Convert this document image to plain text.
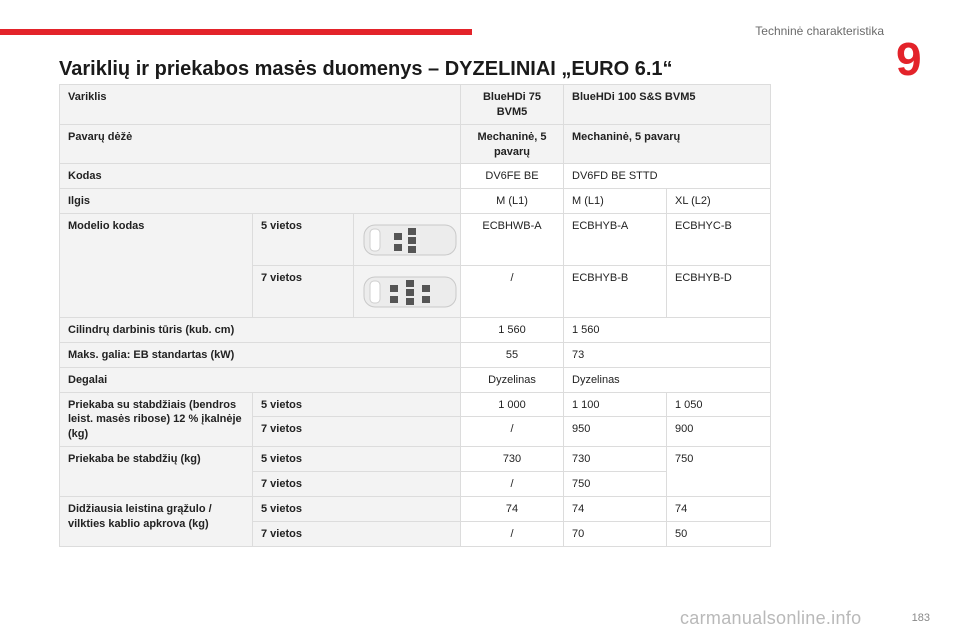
Techninė charakteristika
9
Variklių ir priekabos masės duomenys – DYZELINIAI „EURO 6.1“
Variklis			BlueHDi 75 BVM5	BlueHDi 100 S&S BVM5	
Pavarų dėžė			Mechaninė, 5 pavarų	Mechaninė, 5 pavarų	
Kodas			DV6FE BE	DV6FD BE STTD	
Ilgis			M (L1)	M (L1)	XL (L2)
Modelio kodas	5 vietos		ECBHWB-A	ECBHYB-A	ECBHYC-B
	7 vietos		/	ECBHYB-B	ECBHYB-D
Cilindrų darbinis tūris (kub. cm)			1 560	1 560	
Maks. galia: EB standartas (kW)			55	73	
Degalai			Dyzelinas	Dyzelinas	
Priekaba su stabdžiais (bendros leist. masės ribose) 12 % įkalnėje (kg)	5 vietos		1 000	1 100	1 050
	7 vietos		/	950	900
Priekaba be stabdžių (kg)	5 vietos		730	730	750
	7 vietos		/	750	
Didžiausia leistina grąžulo / vilkties kablio apkrova (kg)	5 vietos		74	74	74
	7 vietos		/	70	50
carmanualsonline.info	183
